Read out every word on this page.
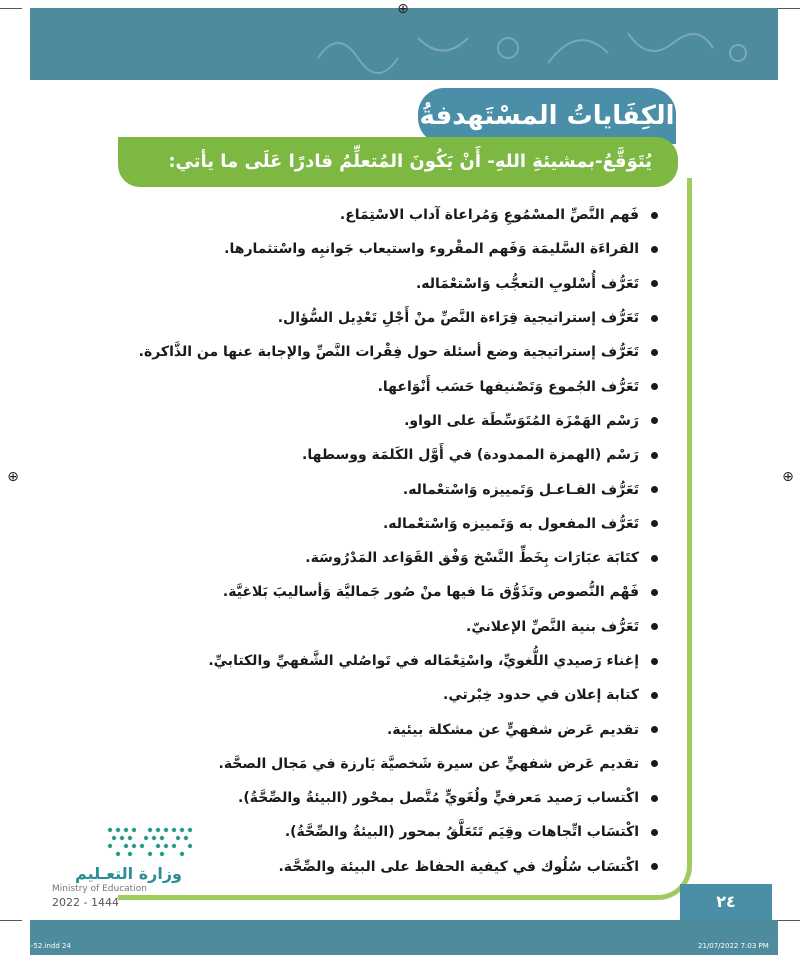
⊕
⊕	⊕
الكِفَاياتُ المسْتَهدفةُ
يُتَوَقَّعُ-بمشيئةِ اللهِ- أَنْ يَكُونَ المُتعلِّمُ قادرًا عَلَى ما يأتي:
فَهم النَّصِّ المسْمُوعِ وَمُراعاة آداب الاسْتِمَاع.
القراءَة السَّليمَة وَفَهم المقْروء واستيعاب جَوانبِه واسْتثمارها.
تَعَرُّف أُسْلوبِ التعجُّب وَاسْتعْمَاله.
تَعَرُّف إستراتيجية قِرَاءة النَّصِّ منْ أَجْلِ تَعْدِيل السُّؤال.
تَعَرُّف إستراتيجية وضع أسئلة حول فِقْرات النَّصِّ والإجابة عنها من الذَّاكرة.
تَعَرُّف الجُموع وَتَصْنيفها حَسَب أَنْوَاعها.
رَسْم الهَمْزَة المُتَوَسِّطَة على الواو.
رَسْم (الهمزة الممدودة) في أَوَّل الكَلمَة ووسطها.
تَعَرُّف الفـاعـل وَتَمييزه وَاسْتعْماله.
تَعَرُّف المفعول به وَتَمييزه وَاسْتعْماله.
كتَابَة عبَارَات بِخَطِّ النَّسْخ وَفْق القَوَاعد المَدْرُوسَة.
فَهْم النُّصوص وتَذَوُّق مَا فيها منْ صُور جَماليَّة وَأساليبَ بَلاغيَّة.
تَعَرُّف بنية النَّصِّ الإعلانيّ.
إغناء رَصيدي اللُّغويِّ، واسْتِعْمَاله في تَواصُلي الشَّفهيِّ والكتابيِّ.
كتابة إعلان في حدود خِبْرتي.
تقديم عَرض شفهيٍّ عن مشكلة بيئية.
تقديم عَرض شفهيٍّ عن سيرة شَخصيَّة بَارزة في مَجال الصحَّة.
اكْتساب رَصيد مَعرفيٍّ ولُغَويٍّ مُتَّصل بمحْور (البيئةُ والصِّحَّةُ).
اكْتسَاب اتِّجاهات وقِيَم تَتَعَلَّقُ بمحور (البيئةُ والصِّحَّةُ).
اكْتسَاب سُلُوك في كيفية الحفاظ على البيئة والصِّحَّة.
وزارة التعـليم
Ministry of Education
2022 - 1444	٢٤
23-52.indd 24	21/07/2022 7:03 PM
